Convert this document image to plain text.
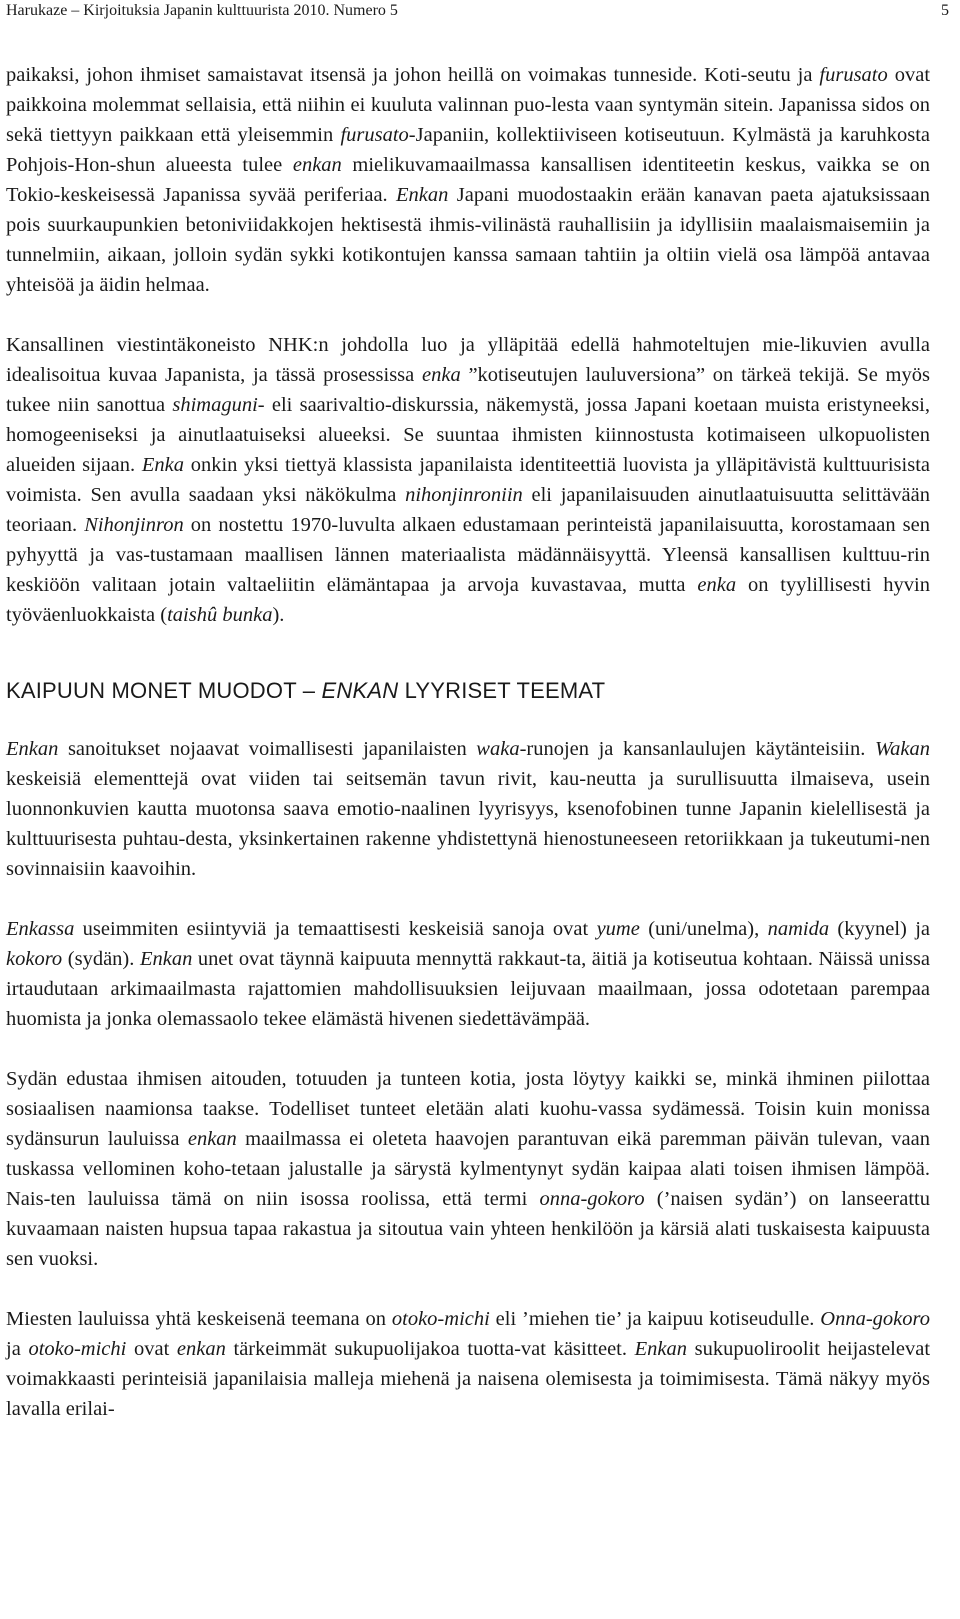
Harukaze – Kirjoituksia Japanin kulttuurista 2010. Numero 5	5

paikaksi, johon ihmiset samaistavat itsensä ja johon heillä on voimakas tunneside. Koti-seutu ja furusato ovat paikkoina molemmat sellaisia, että niihin ei kuuluta valinnan puo-lesta vaan syntymän sitein. Japanissa sidos on sekä tiettyyn paikkaan että yleisemmin furusato-Japaniin, kollektiiviseen kotiseutuun. Kylmästä ja karuhkosta Pohjois-Hon-shun alueesta tulee enkan mielikuvamaailmassa kansallisen identiteetin keskus, vaikka se on Tokio-keskeisessä Japanissa syvää periferiaa. Enkan Japani muodostaakin erään kanavan paeta ajatuksissaan pois suurkaupunkien betoniviidakkojen hektisestä ihmis-vilinästä rauhallisiin ja idyllisiin maalaismaisemiin ja tunnelmiin, aikaan, jolloin sydän sykki kotikontujen kanssa samaan tahtiin ja oltiin vielä osa lämpöä antavaa yhteisöä ja äidin helmaa.

Kansallinen viestintäkoneisto NHK:n johdolla luo ja ylläpitää edellä hahmoteltujen mie-likuvien avulla idealisoitua kuvaa Japanista, ja tässä prosessissa enka ”kotiseutujen lauluversiona” on tärkeä tekijä. Se myös tukee niin sanottua shimaguni- eli saarivaltio-diskurssia, näkemystä, jossa Japani koetaan muista eristyneeksi, homogeeniseksi ja ainutlaatuiseksi alueeksi. Se suuntaa ihmisten kiinnostusta kotimaiseen ulkopuolisten alueiden sijaan. Enka onkin yksi tiettyä klassista japanilaista identiteettiä luovista ja ylläpitävistä kulttuurisista voimista. Sen avulla saadaan yksi näkökulma nihonjinroniin eli japanilaisuuden ainutlaatuisuutta selittävään teoriaan. Nihonjinron on nostettu 1970-luvulta alkaen edustamaan perinteistä japanilaisuutta, korostamaan sen pyhyyttä ja vas-tustamaan maallisen lännen materiaalista mädännäisyyttä. Yleensä kansallisen kulttuu-rin keskiöön valitaan jotain valtaeliitin elämäntapaa ja arvoja kuvastavaa, mutta enka on tyylillisesti hyvin työväenluokkaista (taishû bunka).

KAIPUUN MONET MUODOT – ENKAN LYYRISET TEEMAT

Enkan sanoitukset nojaavat voimallisesti japanilaisten waka-runojen ja kansanlaulujen käytänteisiin. Wakan keskeisiä elementtejä ovat viiden tai seitsemän tavun rivit, kau-neutta ja surullisuutta ilmaiseva, usein luonnonkuvien kautta muotonsa saava emotio-naalinen lyyrisyys, ksenofobinen tunne Japanin kielellisestä ja kulttuurisesta puhtau-desta, yksinkertainen rakenne yhdistettynä hienostuneeseen retoriikkaan ja tukeutumi-nen sovinnaisiin kaavoihin.

Enkassa useimmiten esiintyviä ja temaattisesti keskeisiä sanoja ovat yume (uni/unelma), namida (kyynel) ja kokoro (sydän). Enkan unet ovat täynnä kaipuuta mennyttä rakkaut-ta, äitiä ja kotiseutua kohtaan. Näissä unissa irtaudutaan arkimaailmasta rajattomien mahdollisuuksien leijuvaan maailmaan, jossa odotetaan parempaa huomista ja jonka olemassaolo tekee elämästä hivenen siedettävämpää.

Sydän edustaa ihmisen aitouden, totuuden ja tunteen kotia, josta löytyy kaikki se, minkä ihminen piilottaa sosiaalisen naamionsa taakse. Todelliset tunteet eletään alati kuohu-vassa sydämessä. Toisin kuin monissa sydänsurun lauluissa enkan maailmassa ei oleteta haavojen parantuvan eikä paremman päivän tulevan, vaan tuskassa vellominen koho-tetaan jalustalle ja särystä kylmentynyt sydän kaipaa alati toisen ihmisen lämpöä. Nais-ten lauluissa tämä on niin isossa roolissa, että termi onna-gokoro (’naisen sydän’) on lanseerattu kuvaamaan naisten hupsua tapaa rakastua ja sitoutua vain yhteen henkilöön ja kärsiä alati tuskaisesta kaipuusta sen vuoksi.

Miesten lauluissa yhtä keskeisenä teemana on otoko-michi eli ’miehen tie’ ja kaipuu kotiseudulle. Onna-gokoro ja otoko-michi ovat enkan tärkeimmät sukupuolijakoa tuotta-vat käsitteet. Enkan sukupuoliroolit heijastelevat voimakkaasti perinteisiä japanilaisia malleja miehenä ja naisena olemisesta ja toimimisesta. Tämä näkyy myös lavalla erilai-
